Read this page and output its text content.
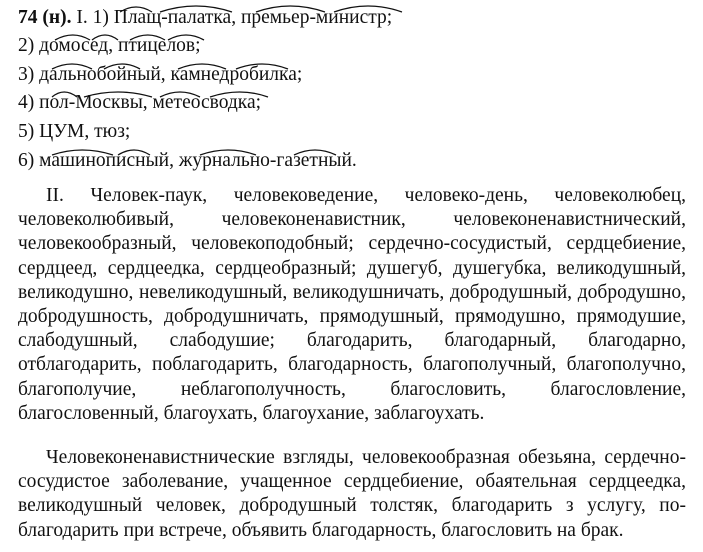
74 (н). I. 1) Плащ-палатка, премьер-министр;
2) домосед, птицелов;
3) дальнобойный, камнедробилка;
4) пол-Москвы, метеосводка;
5) ЦУМ, тюз;
6) машинописный, журнально-газетный.
II. Человек-паук, человековедение, человеко-день, человеколюбец, человеколюбивый, человеконенавистник, человеконенавистнический, человекообразный, человекоподобный; сердечно-сосудистый, сердцебиение, сердцеед, сердцеедка, сердцеобразный; душегуб, душегубка, великодушный, великодушно, невеликодушный, великодушничать, добродушный, добродушно, добродушность, добродушничать, прямодушный, прямодушно, прямодушие, слабодушный, слабодушие; благодарить, благодарный, благодарно, отблагодарить, поблагодарить, благодарность, благополучный, благополучно, благополучие, неблагополучность, благословить, благословление, благословенный, благоухать, благоухание, заблагоухать.
Человеконенавистнические взгляды, человекообразная обезьяна, сердечно-сосудистое заболевание, учащенное сердцебиение, обаятельная сердцеедка, великодушный человек, добродушный толстяк, благодарить з услугу, поблагодарить при встрече, объявить благодарность, благословить на брак.
